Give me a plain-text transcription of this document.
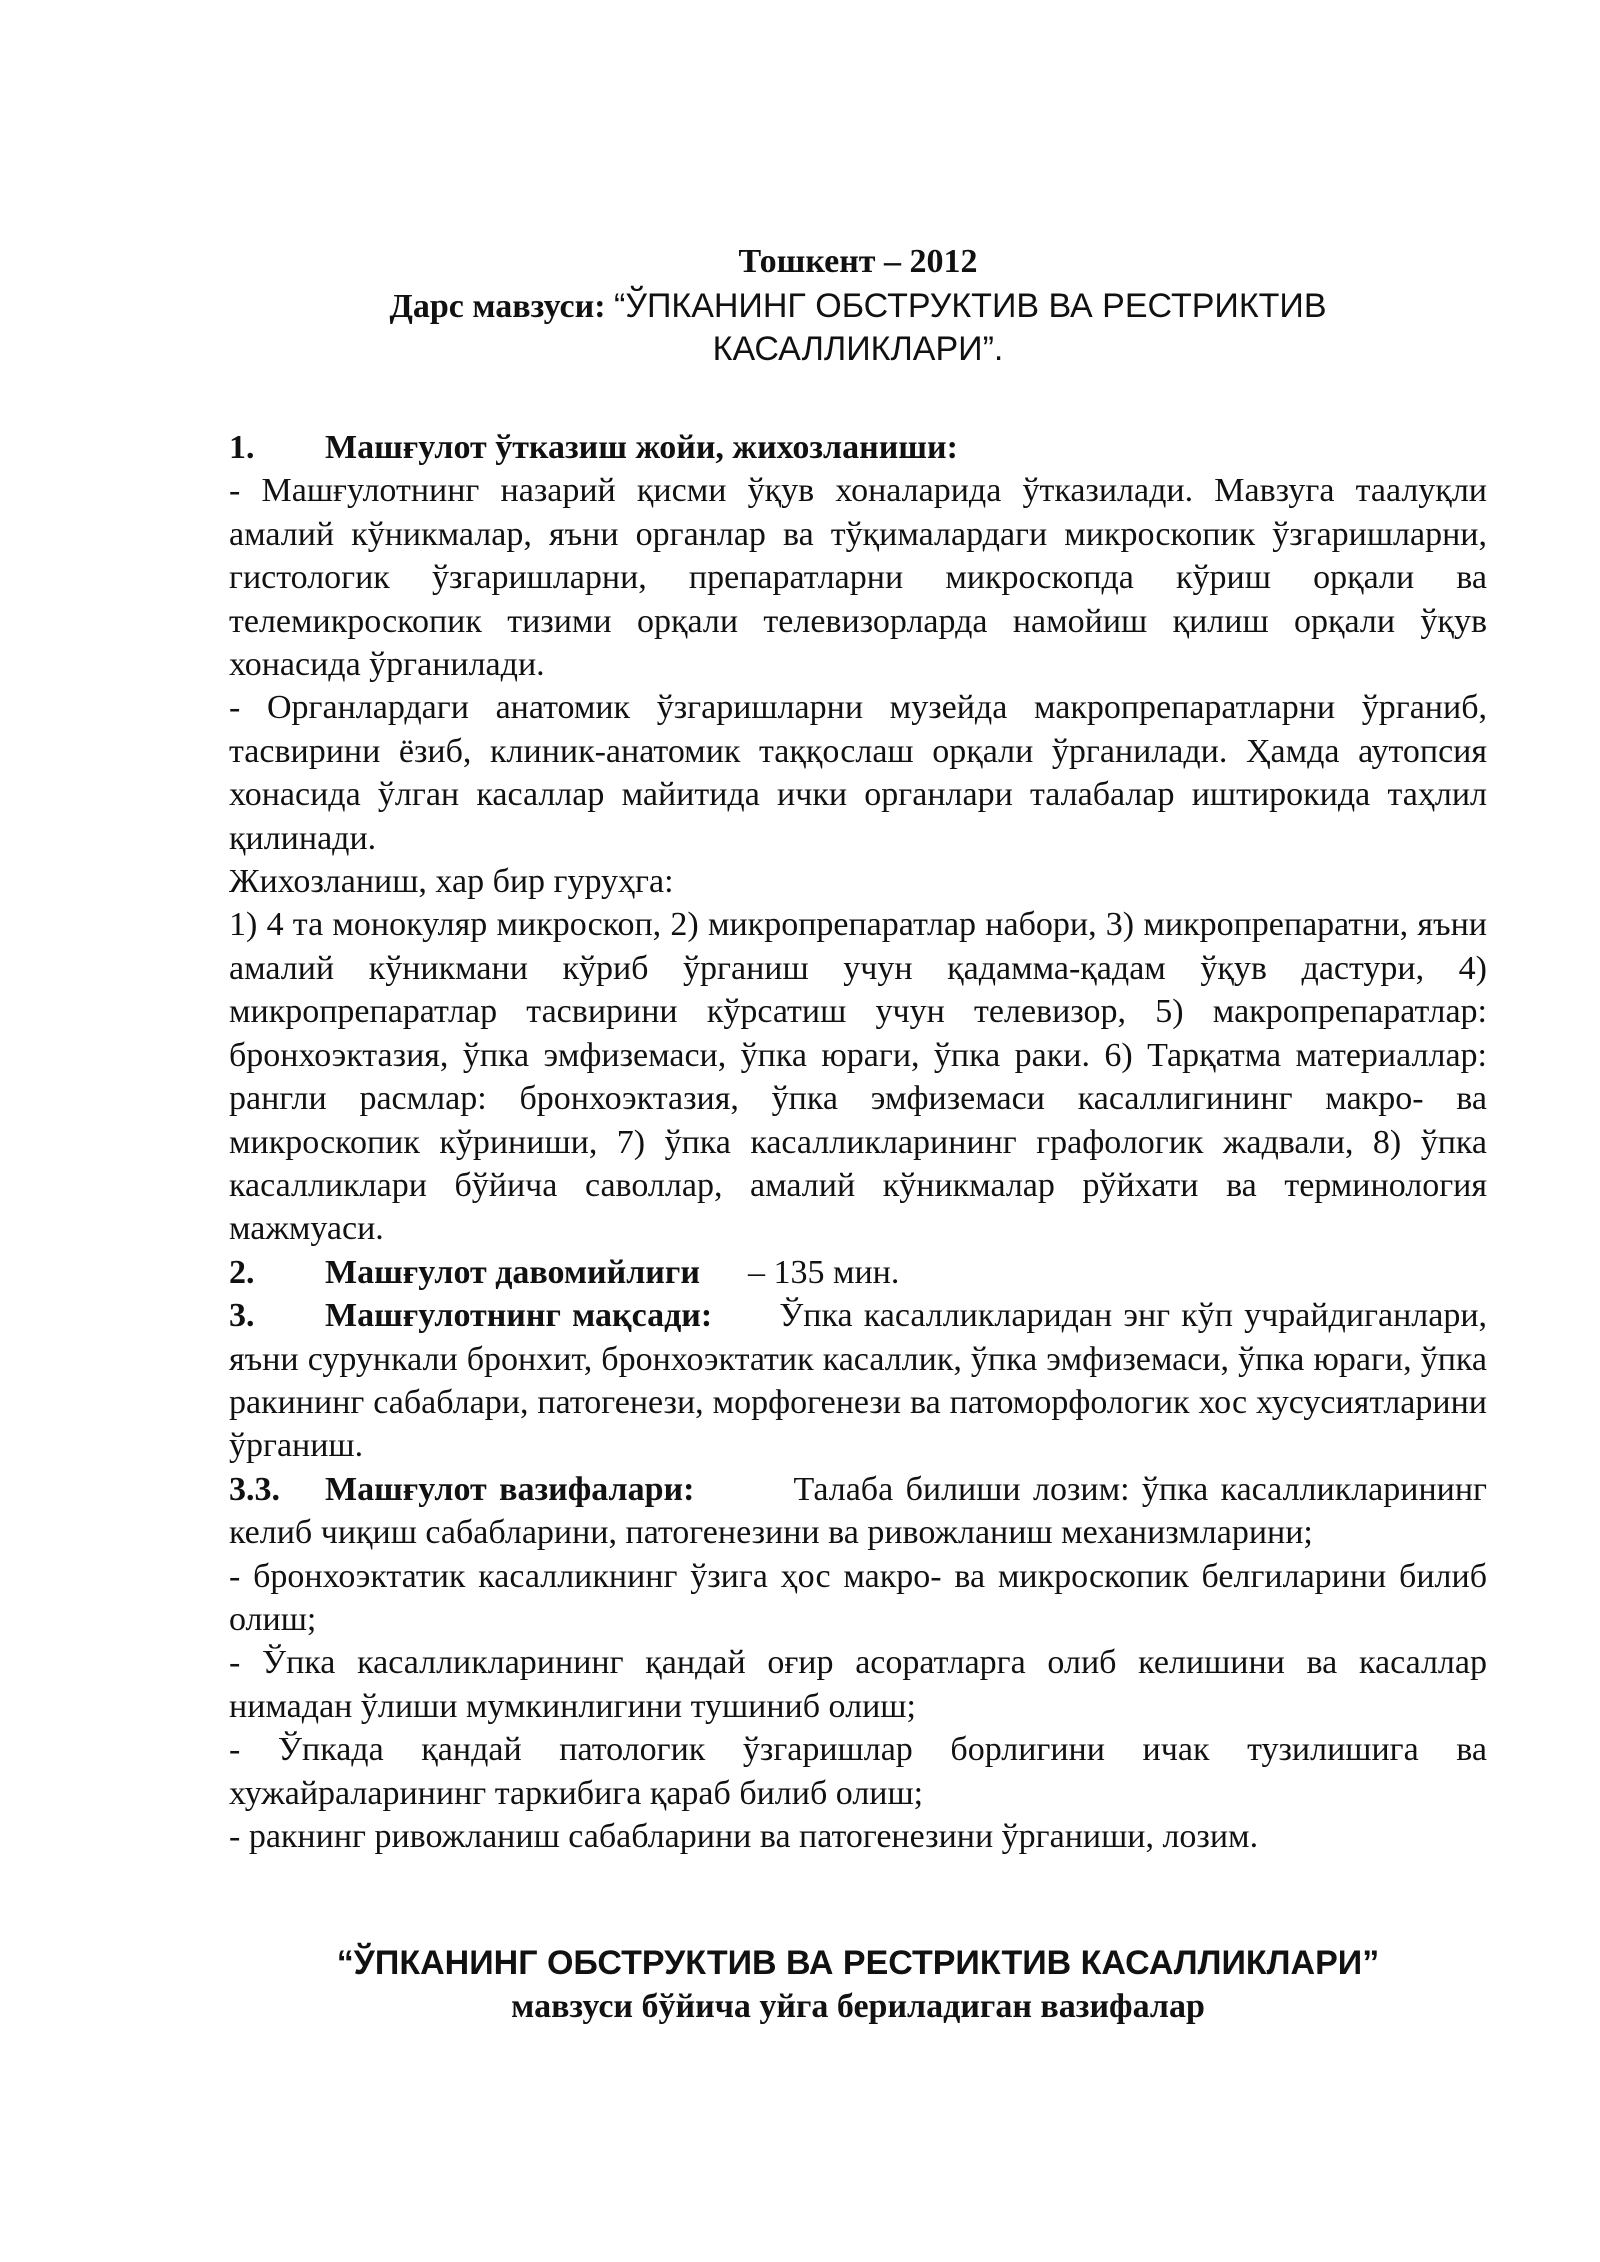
Тошкент – 2012

Дарс мавзуси: “ЎПКАНИНГ ОБСТРУКТИВ ВА РЕСТРИКТИВ

КАСАЛЛИКЛАРИ”.

1. Машғулот ўтказиш жойи, жихозланиши:

- Машғулотнинг назарий қисми ўқув хоналарида ўтказилади. Мавзуга таалуқли амалий кўникмалар, яъни органлар ва тўқималардаги микроскопик ўзгаришларни, гистологик ўзгаришларни, препаратларни микроскопда кўриш орқали ва телемикроскопик тизими орқали телевизорларда намойиш қилиш орқали ўқув хонасида ўрганилади.

- Органлардаги анатомик ўзгаришларни музейда макропрепаратларни ўрганиб, тасвирини ёзиб, клиник-анатомик таққослаш орқали ўрганилади. Ҳамда аутопсия хонасида ўлган касаллар майитида ички органлари талабалар иштирокида таҳлил қилинади.

Жихозланиш, хар бир гуруҳга:

1) 4 та монокуляр микроскоп, 2) микропрепаратлар набори, 3) микропрепаратни, яъни амалий кўникмани кўриб ўрганиш учун қадамма-қадам ўқув дастури, 4) микропрепаратлар тасвирини кўрсатиш учун телевизор, 5) макропрепаратлар: бронхоэктазия, ўпка эмфиземаси, ўпка юраги, ўпка раки. 6) Тарқатма материаллар: рангли расмлар: бронхоэктазия, ўпка эмфиземаси касаллигининг макро- ва микроскопик кўриниши, 7) ўпка касалликларининг графологик жадвали, 8) ўпка касалликлари бўйича саволлар, амалий кўникмалар рўйхати ва терминология мажмуаси.

2. Машғулот давомийлиги – 135 мин.

3. Машғулотнинг мақсади: Ўпка касалликларидан энг кўп учрайдиганлари, яъни сурункали бронхит, бронхоэктатик касаллик, ўпка эмфиземаси, ўпка юраги, ўпка ракининг сабаблари, патогенези, морфогенези ва патоморфологик хос хусусиятларини ўрганиш.

3.3. Машғулот вазифалари:	Талаба билиши лозим: ўпка касалликларининг келиб чиқиш сабабларини, патогенезини ва ривожланиш механизмларини;

- бронхоэктатик касалликнинг ўзига ҳос макро- ва микроскопик белгиларини билиб олиш;

- Ўпка касалликларининг қандай оғир асоратларга олиб келишини ва касаллар нимадан ўлиши мумкинлигини тушиниб олиш;

- Ўпкада қандай патологик ўзгаришлар борлигини ичак тузилишига ва хужайраларининг таркибига қараб билиб олиш;

- ракнинг ривожланиш сабабларини ва патогенезини ўрганиши, лозим.

“ЎПКАНИНГ ОБСТРУКТИВ ВА РЕСТРИКТИВ КАСАЛЛИКЛАРИ”

мавзуси бўйича уйга бериладиган вазифалар
